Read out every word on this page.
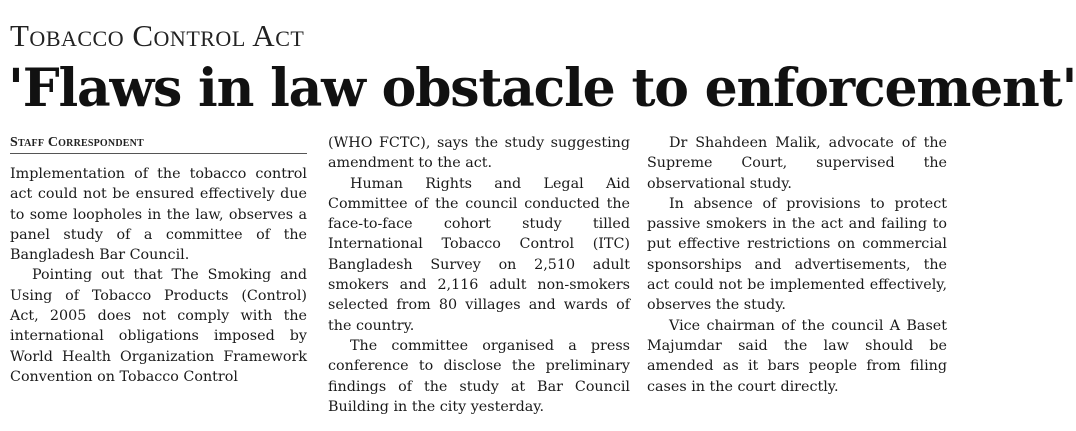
Tobacco Control Act
'Flaws in law obstacle to enforcement'
Staff Correspondent

Implementation of the tobacco control act could not be ensured effectively due to some loopholes in the law, observes a panel study of a committee of the Bangladesh Bar Council.

Pointing out that The Smoking and Using of Tobacco Products (Control) Act, 2005 does not comply with the international obligations imposed by World Health Organization Framework Convention on Tobacco Control

(WHO FCTC), says the study suggesting amendment to the act.

Human Rights and Legal Aid Committee of the council conducted the face-to-face cohort study tilled International Tobacco Control (ITC) Bangladesh Survey on 2,510 adult smokers and 2,116 adult non-smokers selected from 80 villages and wards of the country.

The committee organised a press conference to disclose the preliminary findings of the study at Bar Council Building in the city yesterday.

Dr Shahdeen Malik, advocate of the Supreme Court, supervised the observational study.

In absence of provisions to protect passive smokers in the act and failing to put effective restrictions on commercial sponsorships and advertisements, the act could not be implemented effectively, observes the study.

Vice chairman of the council A Baset Majumdar said the law should be amended as it bars people from filing cases in the court directly.
